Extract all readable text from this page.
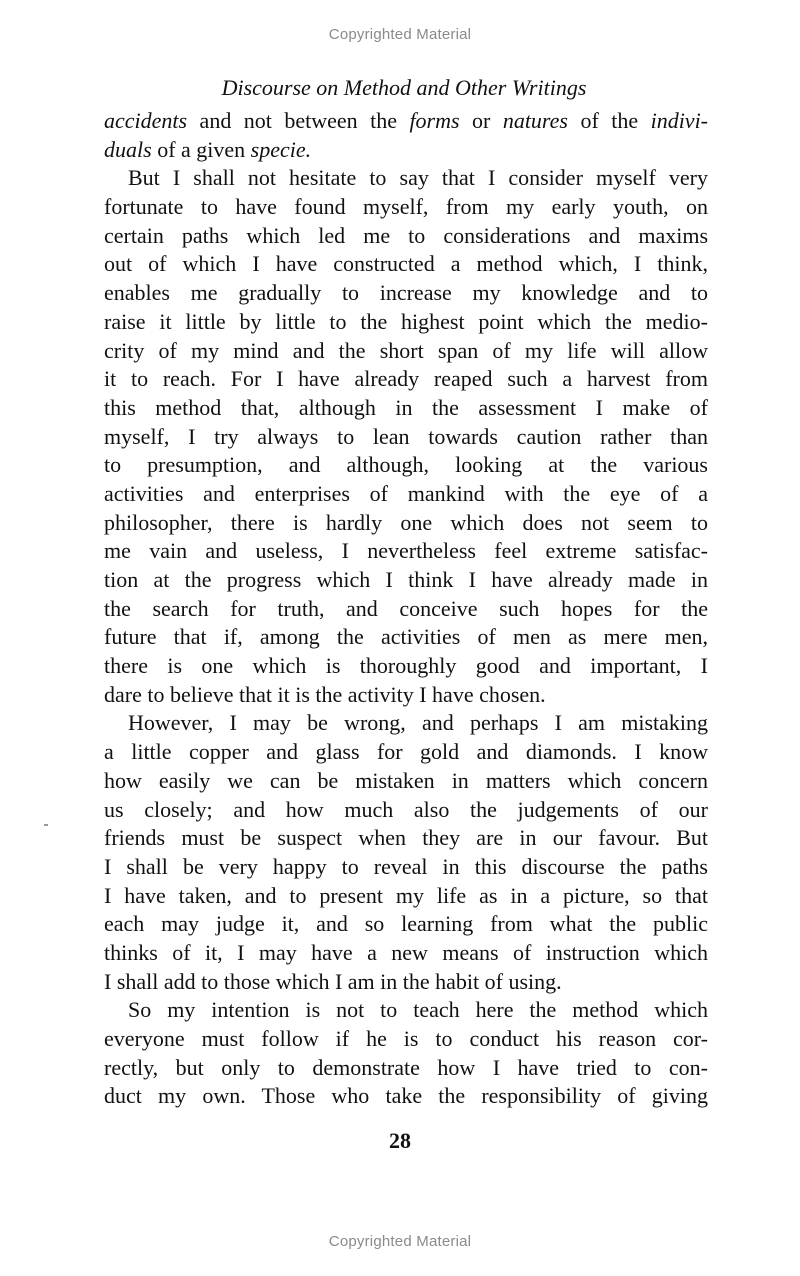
Copyrighted Material
Discourse on Method and Other Writings
accidents and not between the forms or natures of the indivi-
duals of a given specie.
But I shall not hesitate to say that I consider myself very
fortunate to have found myself, from my early youth, on
certain paths which led me to considerations and maxims
out of which I have constructed a method which, I think,
enables me gradually to increase my knowledge and to
raise it little by little to the highest point which the medio-
crity of my mind and the short span of my life will allow
it to reach. For I have already reaped such a harvest from
this method that, although in the assessment I make of
myself, I try always to lean towards caution rather than
to presumption, and although, looking at the various
activities and enterprises of mankind with the eye of a
philosopher, there is hardly one which does not seem to
me vain and useless, I nevertheless feel extreme satisfac-
tion at the progress which I think I have already made in
the search for truth, and conceive such hopes for the
future that if, among the activities of men as mere men,
there is one which is thoroughly good and important, I
dare to believe that it is the activity I have chosen.
However, I may be wrong, and perhaps I am mistaking
a little copper and glass for gold and diamonds. I know
how easily we can be mistaken in matters which concern
us closely; and how much also the judgements of our
friends must be suspect when they are in our favour. But
I shall be very happy to reveal in this discourse the paths
I have taken, and to present my life as in a picture, so that
each may judge it, and so learning from what the public
thinks of it, I may have a new means of instruction which
I shall add to those which I am in the habit of using.
So my intention is not to teach here the method which
everyone must follow if he is to conduct his reason cor-
rectly, but only to demonstrate how I have tried to con-
duct my own. Those who take the responsibility of giving
28
Copyrighted Material
